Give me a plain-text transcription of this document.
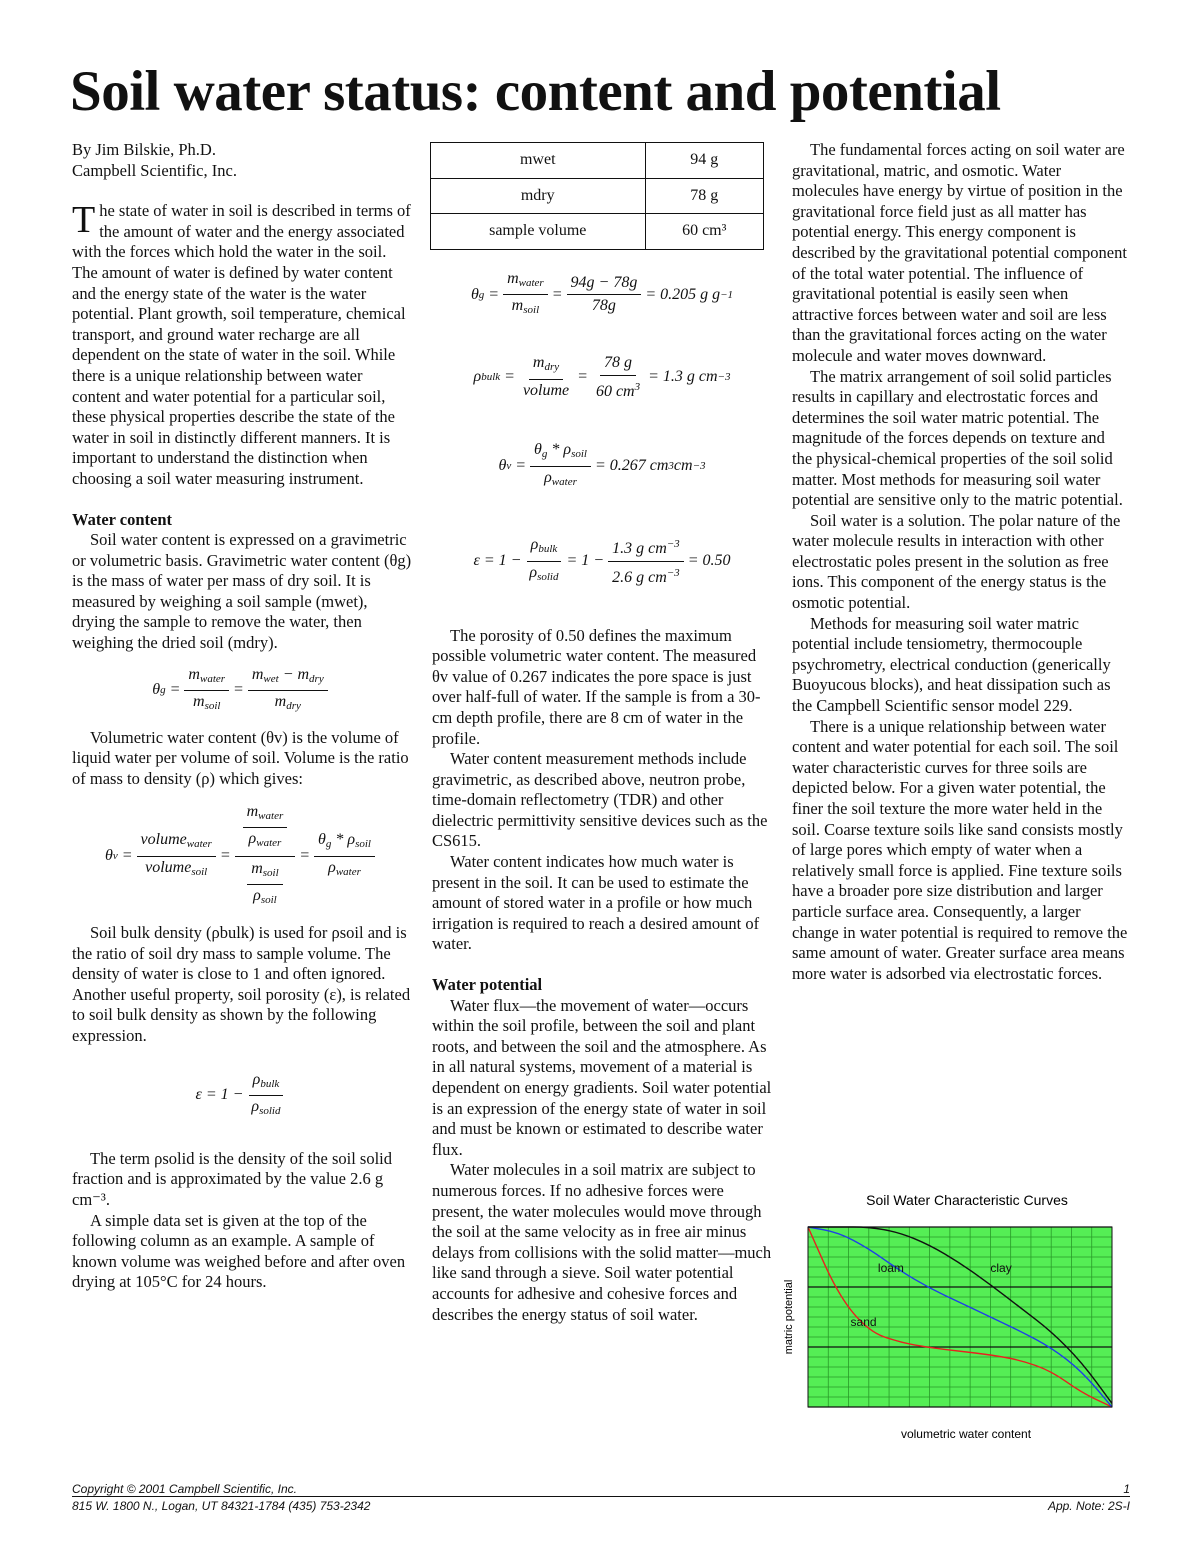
Soil water status: content and potential

By Jim Bilskie, Ph.D.

Campbell Scientific, Inc.

The state of water in soil is described in terms of the amount of water and the energy associated with the forces which hold the water in the soil. The amount of water is defined by water content and the energy state of the water is the water potential. Plant growth, soil temperature, chemical transport, and ground water recharge are all dependent on the state of water in the soil. While there is a unique relationship between water content and water potential for a particular soil, these physical properties describe the state of the water in soil in distinctly different manners. It is important to understand the distinction when choosing a soil water measuring instrument.

Water content

Soil water content is expressed on a gravimetric or volumetric basis. Gravimetric water content (θg) is the mass of water per mass of dry soil. It is measured by weighing a soil sample (mwet), drying the sample to remove the water, then weighing the dried soil (mdry).

θ g
= $\frac{m_{water}}{m_{soil}} = \frac{m_{wet} - m_{dry}}{m_{dry}}$

Volumetric water content (θv) is the volume of liquid water per volume of soil. Volume is the ratio of mass to density (ρ) which gives:

θ v
= $\frac{volume_{water}}{volume_{soil}} = \frac{\frac{m_{water}}{\rho_{water}}}{\frac{m_{soil}}{\rho_{soil}}} = \frac{\theta_g * \rho_{soil}}{\rho_{water}}$

Soil bulk density (ρbulk) is used for ρsoil and is the ratio of soil dry mass to sample volume. The density of water is close to 1 and often ignored. Another useful property, soil porosity (ε), is related to soil bulk density as shown by the following expression.

ε
=
$1 - \frac{\rho_{bulk}}{\rho_{solid}}$

The term ρsolid is the density of the soil solid fraction and is approximated by the value 2.6 g cm⁻³.

A simple data set is given at the top of the following column as an example. A sample of known volume was weighed before and after oven drying at 105°C for 24 hours.

mwet	94 g
mdry	78 g
sample volume	60 cm³
θ g
= $\frac{m_{water}}{m_{soil}} = \frac{94g - 78g}{78g}$ =
0.205 g g −1
ρ bulk
= $\frac{m_{dry}}{\text{volume}} = \frac{78 g}{60 cm^3}$ =
1.3 g cm −3
θ v
= $\frac{\theta_g * \rho_{soil}}{\rho_{water}}$ =
0.267 cm 3 cm −3
ε
=
$1 - \frac{\rho_{bulk}}{\rho_{solid}}$ =
$1 - \frac{1.3 g cm^{-3}}{2.6 g cm^{-3}}$ =
0.50

The porosity of 0.50 defines the maximum possible volumetric water content. The measured θv value of 0.267 indicates the pore space is just over half-full of water. If the sample is from a 30-cm depth profile, there are 8 cm of water in the profile.

Water content measurement methods include gravimetric, as described above, neutron probe, time-domain reflectometry (TDR) and other dielectric permittivity sensitive devices such as the CS615.

Water content indicates how much water is present in the soil. It can be used to estimate the amount of stored water in a profile or how much irrigation is required to reach a desired amount of water.

Water potential

Water flux—the movement of water—occurs within the soil profile, between the soil and plant roots, and between the soil and the atmosphere. As in all natural systems, movement of a material is dependent on energy gradients. Soil water potential is an expression of the energy state of water in soil and must be known or estimated to describe water flux.

Water molecules in a soil matrix are subject to numerous forces. If no adhesive forces were present, the water molecules would move through the soil at the same velocity as in free air minus delays from collisions with the solid matter—much like sand through a sieve. Soil water potential accounts for adhesive and cohesive forces and describes the energy status of soil water.

The fundamental forces acting on soil water are gravitational, matric, and osmotic. Water molecules have energy by virtue of position in the gravitational force field just as all matter has potential energy. This energy component is described by the gravitational potential component of the total water potential. The influence of gravitational potential is easily seen when attractive forces between water and soil are less than the gravitational forces acting on the water molecule and water moves downward.

The matrix arrangement of soil solid particles results in capillary and electrostatic forces and determines the soil water matric potential. The magnitude of the forces depends on texture and the physical-chemical properties of the soil solid matter. Most methods for measuring soil water potential are sensitive only to the matric potential.

Soil water is a solution. The polar nature of the water molecule results in interaction with other electrostatic poles present in the solution as free ions. This component of the energy status is the osmotic potential.

Methods for measuring soil water matric potential include tensiometry, thermocouple psychrometry, electrical conduction (generically Buoyucous blocks), and heat dissipation such as the Campbell Scientific sensor model 229.

There is a unique relationship between water content and water potential for each soil. The soil water characteristic curves for three soils are depicted below. For a given water potential, the finer the soil texture the more water held in the soil. Coarse texture soils like sand consists mostly of large pores which empty of water when a relatively small force is applied. Fine texture soils have a broader pore size distribution and larger particle surface area. Consequently, a larger change in water potential is required to remove the same amount of water. Greater surface area means more water is adsorbed via electrostatic forces.

Soil Water Characteristic Curves
sand
loam	clay
matric potential
volumetric water content
Copyright © 2001 Campbell Scientific, Inc.	1
815 W. 1800 N., Logan, UT 84321-1784 (435) 753-2342	App. Note: 2S-I
